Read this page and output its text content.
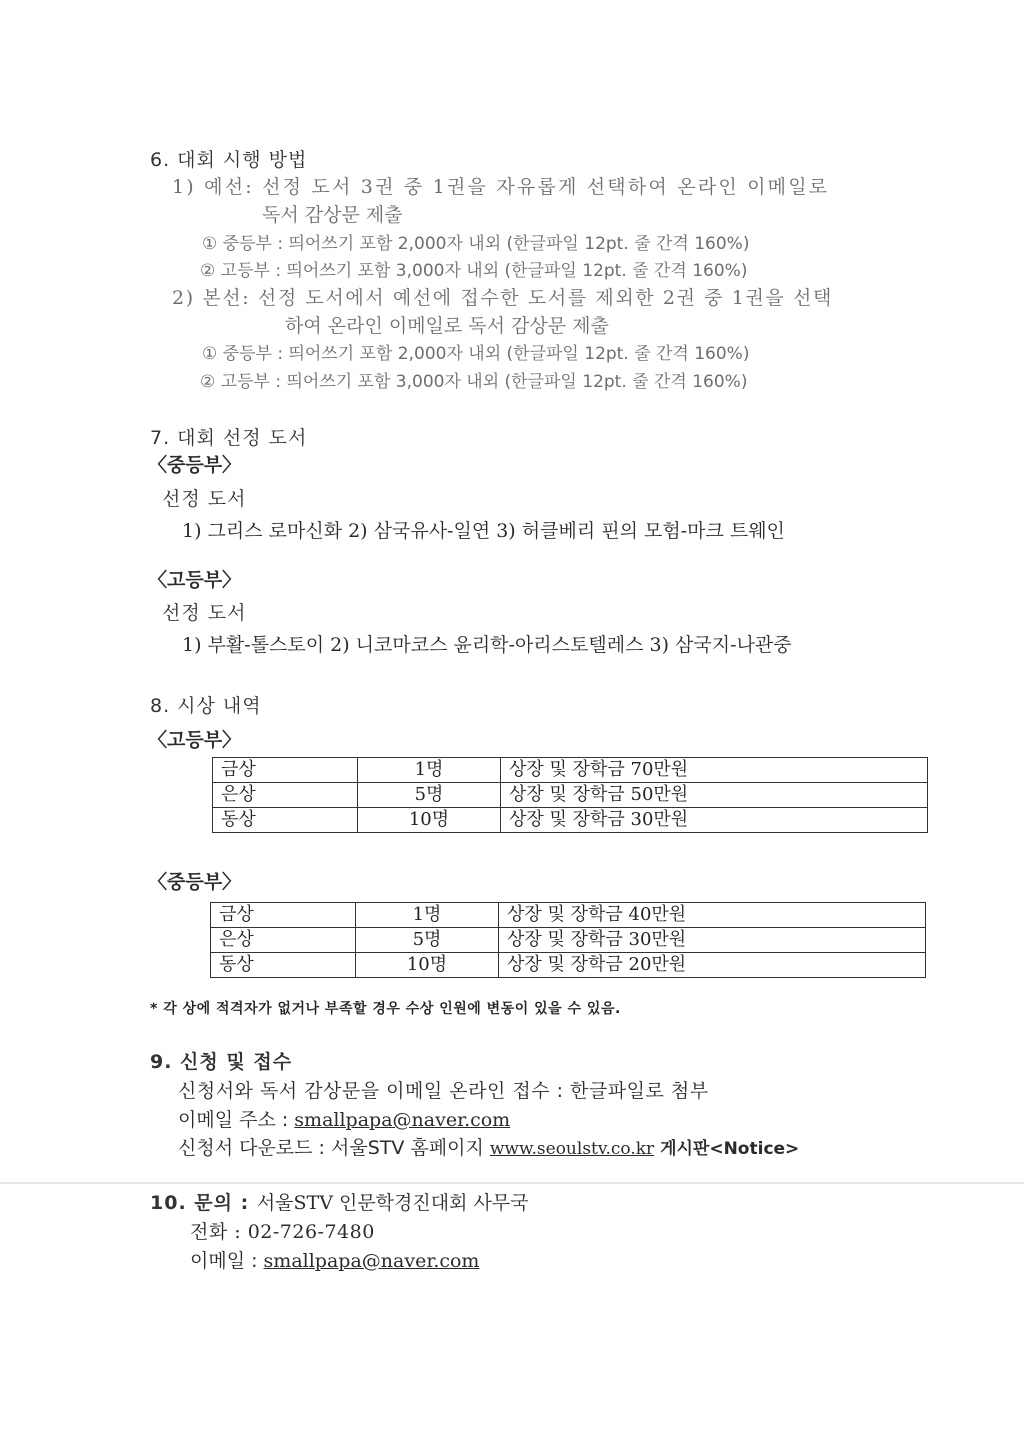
6. 대회 시행 방법
1) 예선: 선정 도서 3권 중 1권을 자유롭게 선택하여 온라인 이메일로
독서 감상문 제출
① 중등부 : 띄어쓰기 포함 2,000자 내외 (한글파일 12pt. 줄 간격 160%)
② 고등부 : 띄어쓰기 포함 3,000자 내외 (한글파일 12pt. 줄 간격 160%)
2) 본선: 선정 도서에서 예선에 접수한 도서를 제외한 2권 중 1권을 선택
하여 온라인 이메일로 독서 감상문 제출
① 중등부 : 띄어쓰기 포함 2,000자 내외 (한글파일 12pt. 줄 간격 160%)
② 고등부 : 띄어쓰기 포함 3,000자 내외 (한글파일 12pt. 줄 간격 160%)
7. 대회 선정 도서
〈중등부〉
선정 도서
1) 그리스 로마신화 2) 삼국유사-일연 3) 허클베리 핀의 모험-마크 트웨인
〈고등부〉
선정 도서
1) 부활-톨스토이 2) 니코마코스 윤리학-아리스토텔레스 3) 삼국지-나관중
8. 시상 내역
〈고등부〉
금상	1명	상장 및 장학금 70만원
은상	5명	상장 및 장학금 50만원
동상	10명	상장 및 장학금 30만원
〈중등부〉
금상	1명	상장 및 장학금 40만원
은상	5명	상장 및 장학금 30만원
동상	10명	상장 및 장학금 20만원
* 각 상에 적격자가 없거나 부족할 경우 수상 인원에 변동이 있을 수 있음.
9. 신청 및 접수
신청서와 독서 감상문을 이메일 온라인 접수 : 한글파일로 첨부
이메일 주소 : smallpapa@naver.com
신청서 다운로드 : 서울STV 홈페이지 www.seoulstv.co.kr 게시판<Notice>
10. 문의 : 서울STV 인문학경진대회 사무국
전화 : 02-726-7480
이메일 : smallpapa@naver.com
